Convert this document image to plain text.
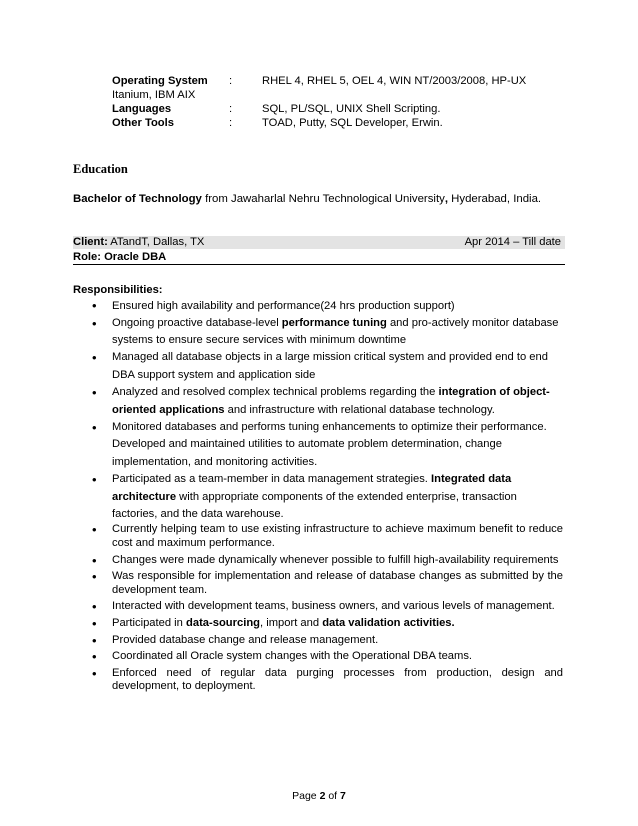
Operating System :	RHEL 4, RHEL 5, OEL 4, WIN NT/2003/2008, HP-UX
Itanium, IBM AIX
Languages	:	SQL, PL/SQL, UNIX Shell Scripting.
Other Tools	:	TOAD, Putty, SQL Developer, Erwin.
Education
Bachelor of Technology from Jawaharlal Nehru Technological University, Hyderabad, India.
Client: ATandT, Dallas, TX	Apr 2014 – Till date
Role: Oracle DBA
Responsibilities:
• Ensured high availability and performance(24 hrs production support)
• Ongoing proactive database-level performance tuning and pro-actively monitor database systems to ensure secure services with minimum downtime
• Managed all database objects in a large mission critical system and provided end to end DBA support system and application side
• Analyzed and resolved complex technical problems regarding the integration of object-oriented applications and infrastructure with relational database technology.
• Monitored databases and performs tuning enhancements to optimize their performance. Developed and maintained utilities to automate problem determination, change implementation, and monitoring activities.
• Participated as a team-member in data management strategies. Integrated data architecture with appropriate components of the extended enterprise, transaction factories, and the data warehouse.
• Currently helping team to use existing infrastructure to achieve maximum benefit to reduce cost and maximum performance.
• Changes were made dynamically whenever possible to fulfill high-availability requirements
• Was responsible for implementation and release of database changes as submitted by the development team.
• Interacted with development teams, business owners, and various levels of management.
• Participated in data-sourcing, import and data validation activities.
• Provided database change and release management.
• Coordinated all Oracle system changes with the Operational DBA teams.
• Enforced need of regular data purging processes from production, design and development, to deployment.
Page 2 of 7
